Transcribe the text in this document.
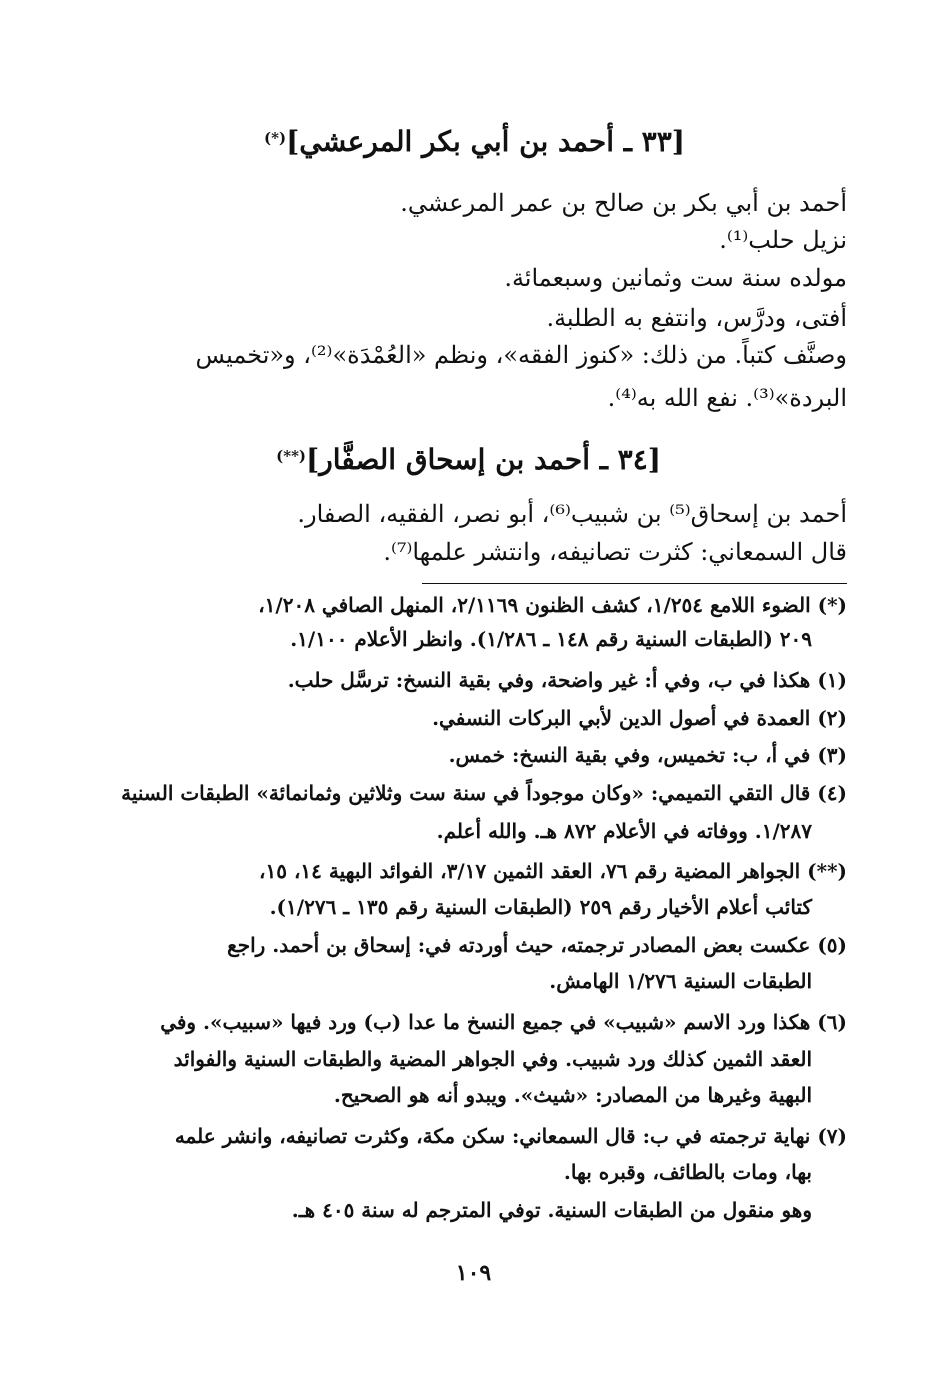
[٣٣ ـ أحمد بن أبي بكر المرعشي](*)
أحمد بن أبي بكر بن صالح بن عمر المرعشي.
نزيل حلب⁽¹⁾.
مولده سنة ست وثمانين وسبعمائة.
أفتى، ودرَّس، وانتفع به الطلبة.
وصنَّف كتباً. من ذلك: «كنوز الفقه»، ونظم «العُمْدَة»⁽²⁾، و«تخميس
البردة»⁽³⁾. نفع الله به⁽⁴⁾.
[٣٤ ـ أحمد بن إسحاق الصفَّار](**)
أحمد بن إسحاق⁽⁵⁾ بن شبيب⁽⁶⁾، أبو نصر، الفقيه، الصفار.
قال السمعاني: كثرت تصانيفه، وانتشر علمها⁽⁷⁾.
(*) الضوء اللامع ١/٢٥٤، كشف الظنون ٢/١١٦٩، المنهل الصافي ١/٢٠٨،
٢٠٩ (الطبقات السنية رقم ١٤٨ ـ ١/٢٨٦). وانظر الأعلام ١/١٠٠.
(١) هكذا في ب، وفي أ: غير واضحة، وفي بقية النسخ: ترسَّل حلب.
(٢) العمدة في أصول الدين لأبي البركات النسفي.
(٣) في أ، ب: تخميس، وفي بقية النسخ: خمس.
(٤) قال التقي التميمي: «وكان موجوداً في سنة ست وثلاثين وثمانمائة» الطبقات السنية
١/٢٨٧. ووفاته في الأعلام ٨٧٢ هـ. والله أعلم.
(**) الجواهر المضية رقم ٧٦، العقد الثمين ٣/١٧، الفوائد البهية ١٤، ١٥،
كتائب أعلام الأخيار رقم ٢٥٩ (الطبقات السنية رقم ١٣٥ ـ ١/٢٧٦).
(٥) عكست بعض المصادر ترجمته، حيث أوردته في: إسحاق بن أحمد. راجع
الطبقات السنية ١/٢٧٦ الهامش.
(٦) هكذا ورد الاسم «شبيب» في جميع النسخ ما عدا (ب) ورد فيها «سبيب». وفي
العقد الثمين كذلك ورد شبيب. وفي الجواهر المضية والطبقات السنية والفوائد
البهية وغيرها من المصادر: «شيث». ويبدو أنه هو الصحيح.
(٧) نهاية ترجمته في ب: قال السمعاني: سكن مكة، وكثرت تصانيفه، وانشر علمه
بها، ومات بالطائف، وقبره بها.
وهو منقول من الطبقات السنية. توفي المترجم له سنة ٤٠٥ هـ.
١٠٩
